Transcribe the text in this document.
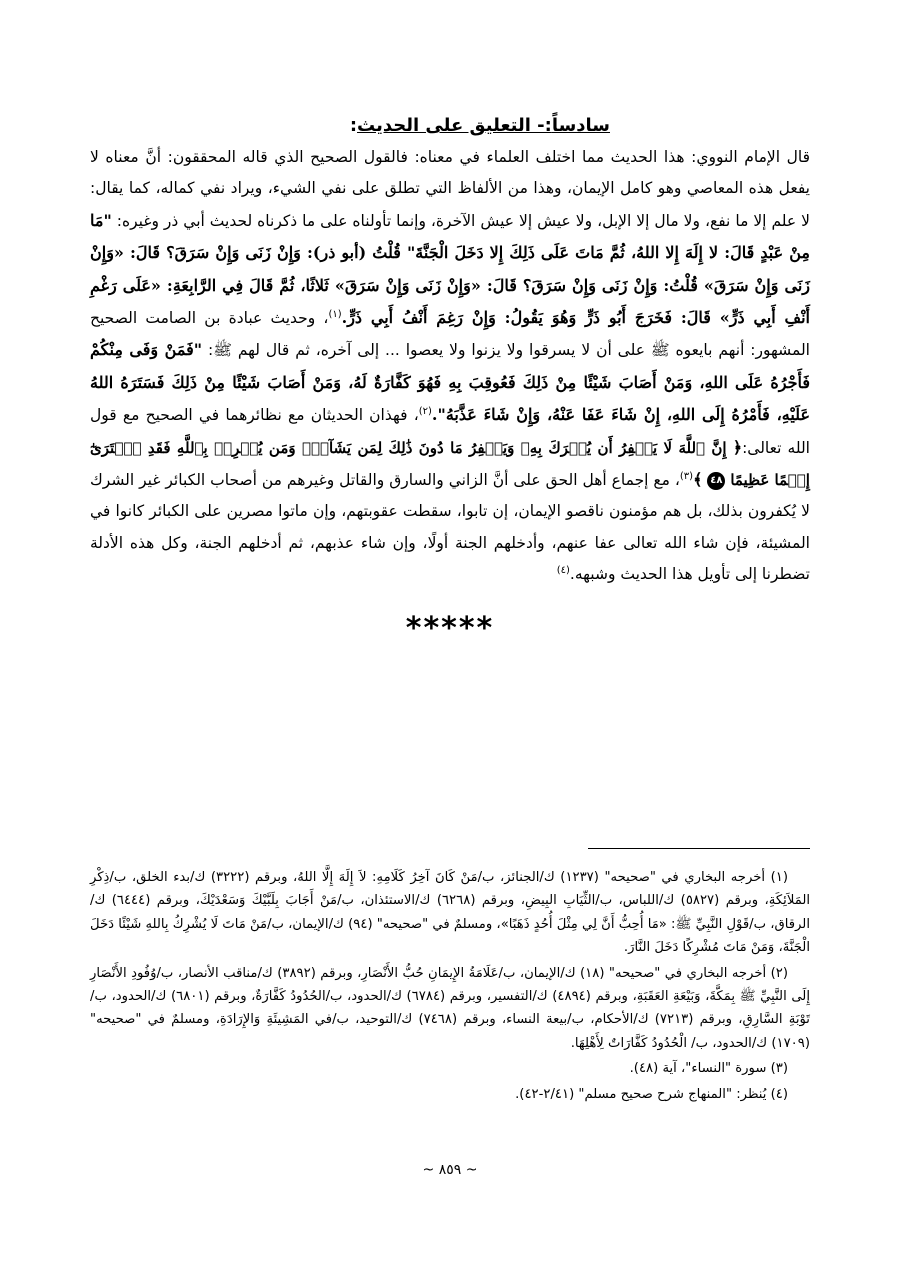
سادساً:- التعليق على الحديث:

قال الإمام النووي: هذا الحديث مما اختلف العلماء في معناه: فالقول الصحيح الذي قاله المحققون: أنَّ معناه لا يفعل هذه المعاصي وهو كامل الإيمان، وهذا من الألفاظ التي تطلق على نفي الشيء، ويراد نفي كماله، كما يقال: لا علم إلا ما نفع، ولا مال إلا الإبل، ولا عيش إلا عيش الآخرة، وإنما تأولناه على ما ذكرناه لحديث أبي ذر وغيره: "مَا مِنْ عَبْدٍ قَالَ: لا إِلَهَ إِلا اللهُ، ثُمَّ مَاتَ عَلَى ذَلِكَ إِلا دَخَلَ الْجَنَّةَ" قُلْتُ (أبو ذر): وَإِنْ زَنَى وَإِنْ سَرَقَ؟ قَالَ: «وَإِنْ زَنَى وَإِنْ سَرَقَ» قُلْتُ: وَإِنْ زَنَى وَإِنْ سَرَقَ؟ قَالَ: «وَإِنْ زَنَى وَإِنْ سَرَقَ» ثَلاثًا، ثُمَّ قَالَ فِي الرَّابِعَةِ: «عَلَى رَغْمِ أَنْفِ أَبِي ذَرٍّ» قَالَ: فَخَرَجَ أَبُو ذَرٍّ وَهُوَ يَقُولُ: وَإِنْ رَغِمَ أَنْفُ أَبِي ذَرٍّ.$^{(١)}$، وحديث عبادة بن الصامت الصحيح المشهور: أنهم بايعوه ﷺ على أن لا يسرقوا ولا يزنوا ولا يعصوا ... إلى آخره، ثم قال لهم ﷺ: "فَمَنْ وَفَى مِنْكُمْ فَأَجْرُهُ عَلَى اللهِ، وَمَنْ أَصَابَ شَيْئًا مِنْ ذَلِكَ فَعُوقِبَ بِهِ فَهُوَ كَفَّارَةٌ لَهُ، وَمَنْ أَصَابَ شَيْئًا مِنْ ذَلِكَ فَسَتَرَهُ اللهُ عَلَيْهِ، فَأَمْرُهُ إِلَى اللهِ، إِنْ شَاءَ عَفَا عَنْهُ، وَإِنْ شَاءَ عَذَّبَهُ".$^{(٢)}$، فهذان الحديثان مع نظائرهما في الصحيح مع قول الله تعالى:﴿ إِنَّ ٱللَّهَ لَا يَغۡفِرُ أَن يُشۡرَكَ بِهِۦ وَيَغۡفِرُ مَا دُونَ ذَٰلِكَ لِمَن يَشَآءُۚ وَمَن يُشۡرِكۡ بِٱللَّهِ فَقَدِ ٱفۡتَرَىٰٓ إِثۡمًا عَظِيمًا ٤٨ ﴾$^{(٣)}$، مع إجماع أهل الحق على أنَّ الزاني والسارق والقاتل وغيرهم من أصحاب الكبائر غير الشرك لا يُكفرون بذلك، بل هم مؤمنون ناقصو الإيمان، إن تابوا، سقطت عقوبتهم، وإن ماتوا مصرين على الكبائر كانوا في المشيئة، فإن شاء الله تعالى عفا عنهم، وأدخلهم الجنة أولًا، وإن شاء عذبهم، ثم أدخلهم الجنة، وكل هذه الأدلة تضطرنا إلى تأويل هذا الحديث وشبهه.$^{(٤)}$

*****

(١) أخرجه البخاري في "صحيحه" (١٢٣٧) ك/الجنائز، ب/مَنْ كَانَ آخِرُ كَلَامِهِ: لاَ إِلَهَ إِلَّا اللهُ، وبرقم (٣٢٢٢) ك/بدء الخلق، ب/ذِكْرِ المَلاَئِكَةِ، وبرقم (٥٨٢٧) ك/اللباس، ب/الثِّيَابِ البِيضِ، وبرقم (٦٢٦٨) ك/الاستئذان، ب/مَنْ أَجَابَ بِلَبَّيْكَ وَسَعْدَيْكَ، وبرقم (٦٤٤٤) ك/الرقاق، ب/قَوْلِ النَّبِيِّ ﷺ: «مَا أُحِبُّ أَنَّ لِي مِثْلَ أُحُدٍ ذَهَبًا»، ومسلمٌ في "صحيحه" (٩٤) ك/الإيمان، ب/مَنْ مَاتَ لَا يُشْرِكُ بِاللهِ شَيْئًا دَخَلَ الْجَنَّةَ، وَمَنْ مَاتَ مُشْرِكًا دَخَلَ النَّارَ.

(٢) أخرجه البخاري في "صحيحه" (١٨) ك/الإيمان، ب/عَلَامَةُ الإِيمَانِ حُبُّ الأَنْصَارِ، وبرقم (٣٨٩٢) ك/مناقب الأنصار، ب/وُفُودِ الأَنْصَارِ إِلَى النَّبِيِّ ﷺ بِمَكَّةَ، وَبَيْعَةِ العَقَبَةِ، وبرقم (٤٨٩٤) ك/التفسير، وبرقم (٦٧٨٤) ك/الحدود، ب/الحُدُودُ كَفَّارَةٌ، وبرقم (٦٨٠١) ك/الحدود، ب/تَوْبَةِ السَّارِقِ، وبرقم (٧٢١٣) ك/الأحكام، ب/بيعة النساء، وبرقم (٧٤٦٨) ك/التوحيد، ب/في المَشِيئَةِ وَالإِرَادَةِ، ومسلمٌ في "صحيحه" (١٧٠٩) ك/الحدود، ب/ الْحُدُودُ كَفَّارَاتٌ لِأَهْلِهَا.

(٣) سورة "النساء"، آية (٤٨).

(٤) يُنظر: "المنهاج شرح صحيح مسلم" (٢/٤١-٤٢).

~ ٨٥٩ ~
